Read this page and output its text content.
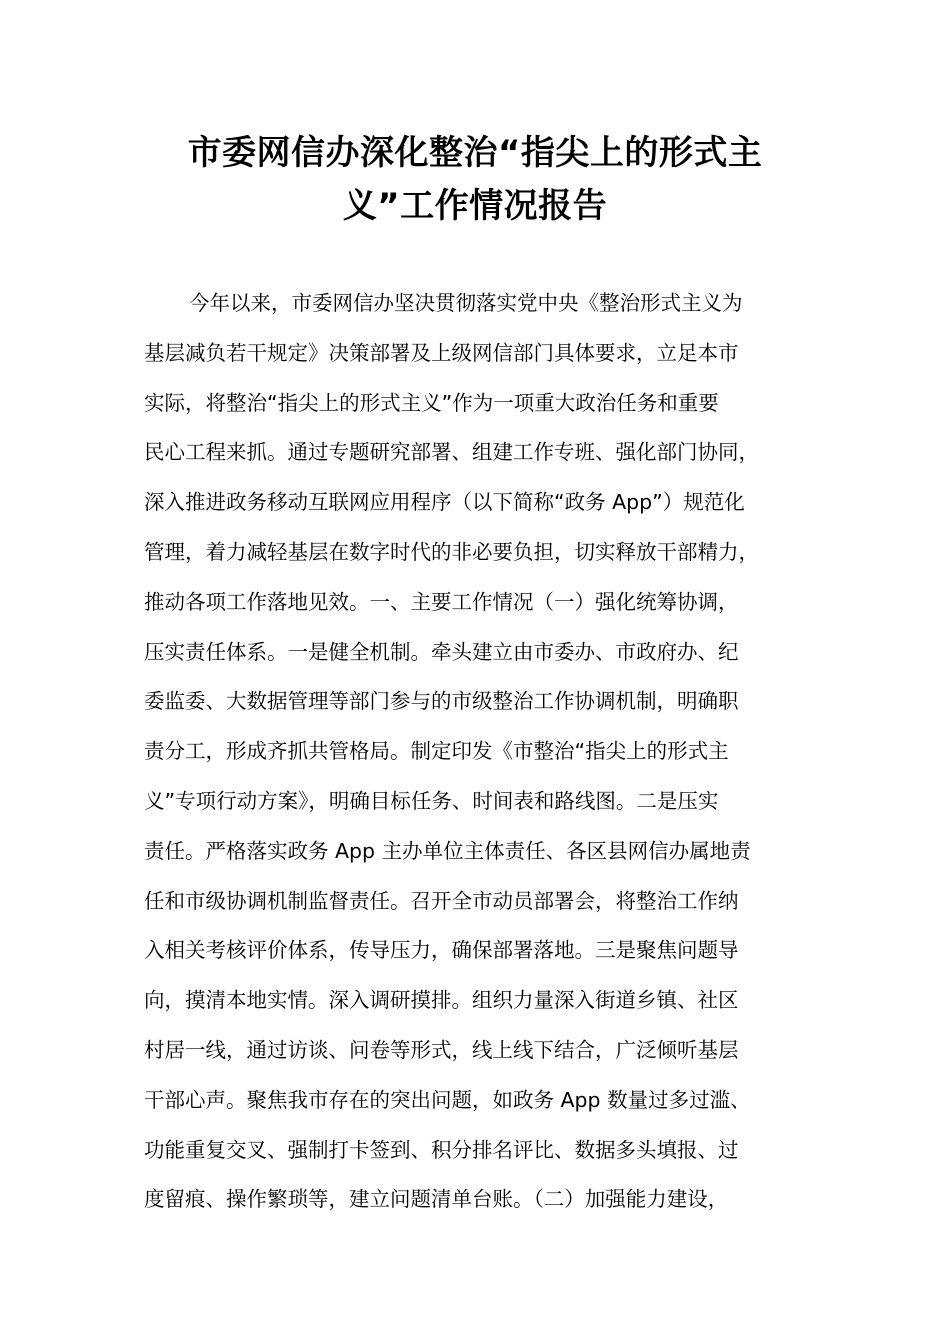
市委网信办深化整治“指尖上的形式主
义”工作情况报告
今年以来，市委网信办坚决贯彻落实党中央《整治形式主义为
基层减负若干规定》决策部署及上级网信部门具体要求，立足本市
实际，将整治“指尖上的形式主义”作为一项重大政治任务和重要
民心工程来抓。通过专题研究部署、组建工作专班、强化部门协同，
深入推进政务移动互联网应用程序（以下简称“政务 App”）规范化
管理，着力减轻基层在数字时代的非必要负担，切实释放干部精力，
推动各项工作落地见效。一、主要工作情况（一）强化统筹协调，
压实责任体系。一是健全机制。牵头建立由市委办、市政府办、纪
委监委、大数据管理等部门参与的市级整治工作协调机制，明确职
责分工，形成齐抓共管格局。制定印发《市整治“指尖上的形式主
义”专项行动方案》，明确目标任务、时间表和路线图。二是压实
责任。严格落实政务 App 主办单位主体责任、各区县网信办属地责
任和市级协调机制监督责任。召开全市动员部署会，将整治工作纳
入相关考核评价体系，传导压力，确保部署落地。三是聚焦问题导
向，摸清本地实情。深入调研摸排。组织力量深入街道乡镇、社区
村居一线，通过访谈、问卷等形式，线上线下结合，广泛倾听基层
干部心声。聚焦我市存在的突出问题，如政务 App 数量过多过滥、
功能重复交叉、强制打卡签到、积分排名评比、数据多头填报、过
度留痕、操作繁琐等，建立问题清单台账。（二）加强能力建设，
